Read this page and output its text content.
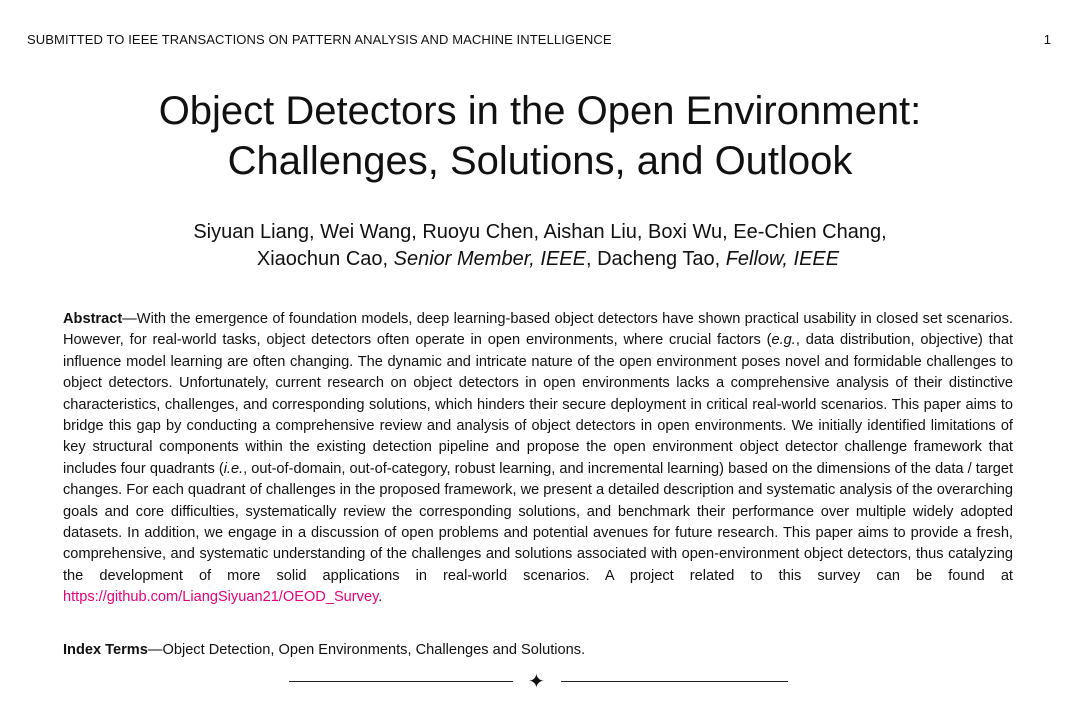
SUBMITTED TO IEEE TRANSACTIONS ON PATTERN ANALYSIS AND MACHINE INTELLIGENCE	1
Object Detectors in the Open Environment:
Challenges, Solutions, and Outlook
Siyuan Liang, Wei Wang, Ruoyu Chen, Aishan Liu, Boxi Wu, Ee-Chien Chang,
Xiaochun Cao, Senior Member, IEEE, Dacheng Tao, Fellow, IEEE

Abstract—With the emergence of foundation models, deep learning-based object detectors have shown practical usability in closed set scenarios. However, for real-world tasks, object detectors often operate in open environments, where crucial factors (e.g., data distribution, objective) that influence model learning are often changing. The dynamic and intricate nature of the open environment poses novel and formidable challenges to object detectors. Unfortunately, current research on object detectors in open environments lacks a comprehensive analysis of their distinctive characteristics, challenges, and corresponding solutions, which hinders their secure deployment in critical real-world scenarios. This paper aims to bridge this gap by conducting a comprehensive review and analysis of object detectors in open environments. We initially identified limitations of key structural components within the existing detection pipeline and propose the open environment object detector challenge framework that includes four quadrants (i.e., out-of-domain, out-of-category, robust learning, and incremental learning) based on the dimensions of the data / target changes. For each quadrant of challenges in the proposed framework, we present a detailed description and systematic analysis of the overarching goals and core difficulties, systematically review the corresponding solutions, and benchmark their performance over multiple widely adopted datasets. In addition, we engage in a discussion of open problems and potential avenues for future research. This paper aims to provide a fresh, comprehensive, and systematic understanding of the challenges and solutions associated with open-environment object detectors, thus catalyzing the development of more solid applications in real-world scenarios. A project related to this survey can be found at https://github.com/LiangSiyuan21/OEOD_Survey.

Index Terms—Object Detection, Open Environments, Challenges and Solutions.

✦
